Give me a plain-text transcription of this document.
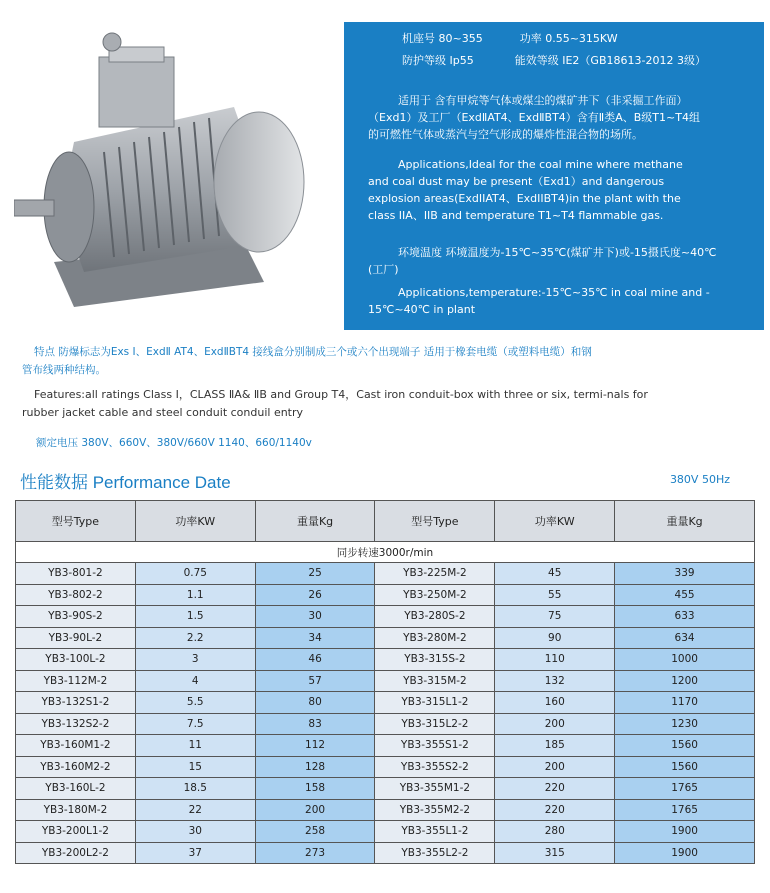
机座号 80~355	功率 0.55~315KW
防护等级 Ip55	能效等级 IE2（GB18613-2012 3级）
适用于 含有甲烷等气体或煤尘的煤矿井下（非采掘工作面）
（Exd1）及工厂（ExdⅡAT4、ExdⅡBT4）含有Ⅱ类A、B级T1~T4组
的可燃性气体或蒸汽与空气形成的爆炸性混合物的场所。
Applications,Ideal for the coal mine where methane
and coal dust may be present（Exd1）and dangerous
explosion areas(ExdIIAT4、ExdIIBT4)in the plant with the
class IIA、IIB and temperature T1~T4 flammable gas.
环境温度 环境温度为-15℃~35℃(煤矿井下)或-15摄氏度~40℃
(工厂)
Applications,temperature:-15℃~35℃ in coal mine and -
15℃~40℃ in plant
特点 防爆标志为Exs Ⅰ、ExdⅡ AT4、ExdⅡBT4 接线盒分别制成三个或六个出现端子 适用于橡套电缆（或塑料电缆）和钢
管布线两种结构。
Features:all ratings Class Ⅰ，CLASS ⅡA& ⅡB and Group T4，Cast iron conduit-box with three or six, termi-nals for
rubber jacket cable and steel conduit conduil entry
额定电压 380V、660V、380V/660V 1140、660/1140v
性能数据 Performance Date	380V 50Hz
型号Type	功率KW	重量Kg	型号Type	功率KW	重量Kg
同步转速3000r/min					
YB3-801-2	0.75	25	YB3-225M-2	45	339
YB3-802-2	1.1	26	YB3-250M-2	55	455
YB3-90S-2	1.5	30	YB3-280S-2	75	633
YB3-90L-2	2.2	34	YB3-280M-2	90	634
YB3-100L-2	3	46	YB3-315S-2	110	1000
YB3-112M-2	4	57	YB3-315M-2	132	1200
YB3-132S1-2	5.5	80	YB3-315L1-2	160	1170
YB3-132S2-2	7.5	83	YB3-315L2-2	200	1230
YB3-160M1-2	11	112	YB3-355S1-2	185	1560
YB3-160M2-2	15	128	YB3-355S2-2	200	1560
YB3-160L-2	18.5	158	YB3-355M1-2	220	1765
YB3-180M-2	22	200	YB3-355M2-2	220	1765
YB3-200L1-2	30	258	YB3-355L1-2	280	1900
YB3-200L2-2	37	273	YB3-355L2-2	315	1900
